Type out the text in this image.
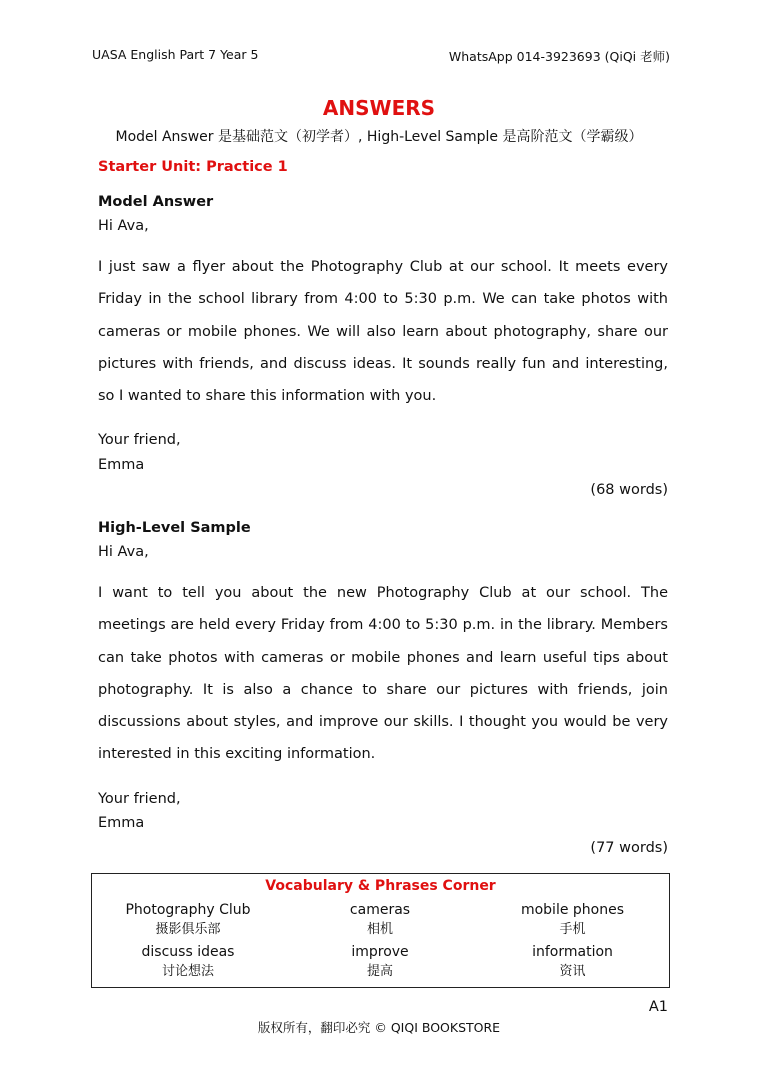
UASA English Part 7 Year 5	WhatsApp 014-3923693 (QiQi 老师)
ANSWERS
Model Answer 是基础范文（初学者）, High-Level Sample 是高阶范文（学霸级）
Starter Unit: Practice 1
Model Answer
Hi Ava,
I just saw a flyer about the Photography Club at our school. It meets every Friday in the school library from 4:00 to 5:30 p.m. We can take photos with cameras or mobile phones. We will also learn about photography, share our pictures with friends, and discuss ideas. It sounds really fun and interesting, so I wanted to share this information with you.
Your friend,
Emma
(68 words)
High-Level Sample
Hi Ava,
I want to tell you about the new Photography Club at our school. The meetings are held every Friday from 4:00 to 5:30 p.m. in the library. Members can take photos with cameras or mobile phones and learn useful tips about photography. It is also a chance to share our pictures with friends, join discussions about styles, and improve our skills. I thought you would be very interested in this exciting information.
Your friend,
Emma
(77 words)
Vocabulary & Phrases Corner
Photography Club
摄影俱乐部
cameras
相机
mobile phones
手机
discuss ideas
讨论想法
improve
提高
information
资讯
A1
版权所有，翻印必究 © QIQI BOOKSTORE
